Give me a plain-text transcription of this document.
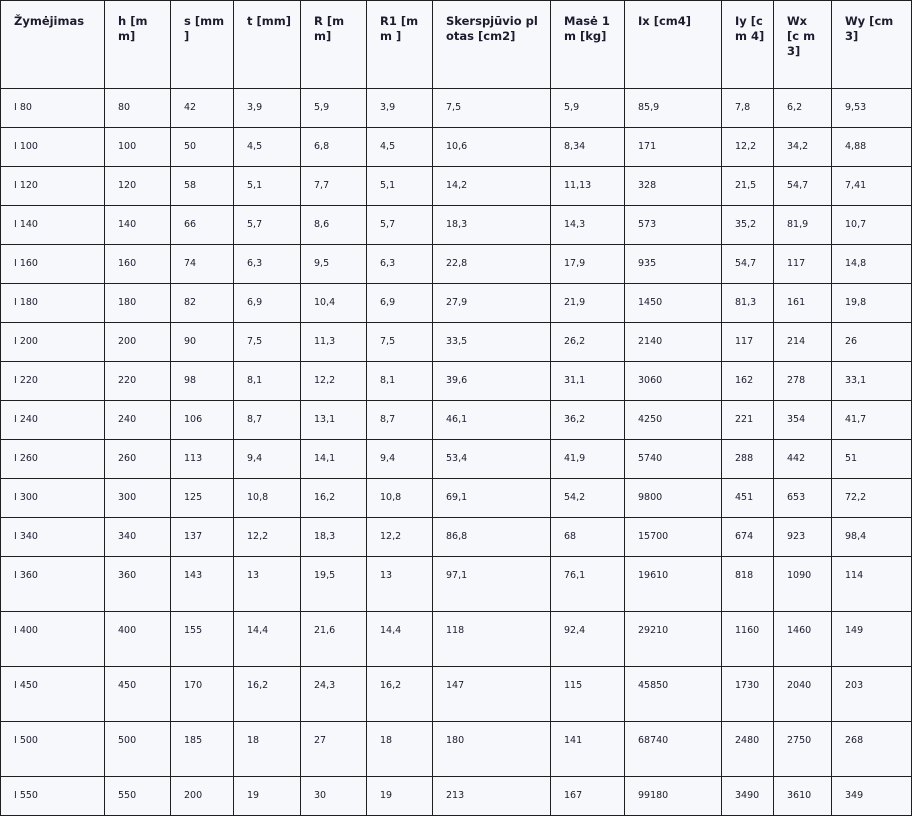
Žymėjimas	h [mm]	s [mm ]	t [mm]	R [mm]	R1 [mm ]	Skerspjūvio plotas [cm2]	Masė 1 m [kg]	Ix [cm4]	Iy [cm 4]	Wx [c m3]	Wy [cm3]
I 80	80	42	3,9	5,9	3,9	7,5	5,9	85,9	7,8	6,2	9,53
I 100	100	50	4,5	6,8	4,5	10,6	8,34	171	12,2	34,2	4,88
I 120	120	58	5,1	7,7	5,1	14,2	11,13	328	21,5	54,7	7,41
I 140	140	66	5,7	8,6	5,7	18,3	14,3	573	35,2	81,9	10,7
I 160	160	74	6,3	9,5	6,3	22,8	17,9	935	54,7	117	14,8
I 180	180	82	6,9	10,4	6,9	27,9	21,9	1450	81,3	161	19,8
I 200	200	90	7,5	11,3	7,5	33,5	26,2	2140	117	214	26
I 220	220	98	8,1	12,2	8,1	39,6	31,1	3060	162	278	33,1
I 240	240	106	8,7	13,1	8,7	46,1	36,2	4250	221	354	41,7
I 260	260	113	9,4	14,1	9,4	53,4	41,9	5740	288	442	51
I 300	300	125	10,8	16,2	10,8	69,1	54,2	9800	451	653	72,2
I 340	340	137	12,2	18,3	12,2	86,8	68	15700	674	923	98,4
I 360	360	143	13	19,5	13	97,1	76,1	19610	818	1090	114
I 400	400	155	14,4	21,6	14,4	118	92,4	29210	1160	1460	149
I 450	450	170	16,2	24,3	16,2	147	115	45850	1730	2040	203
I 500	500	185	18	27	18	180	141	68740	2480	2750	268
I 550	550	200	19	30	19	213	167	99180	3490	3610	349
